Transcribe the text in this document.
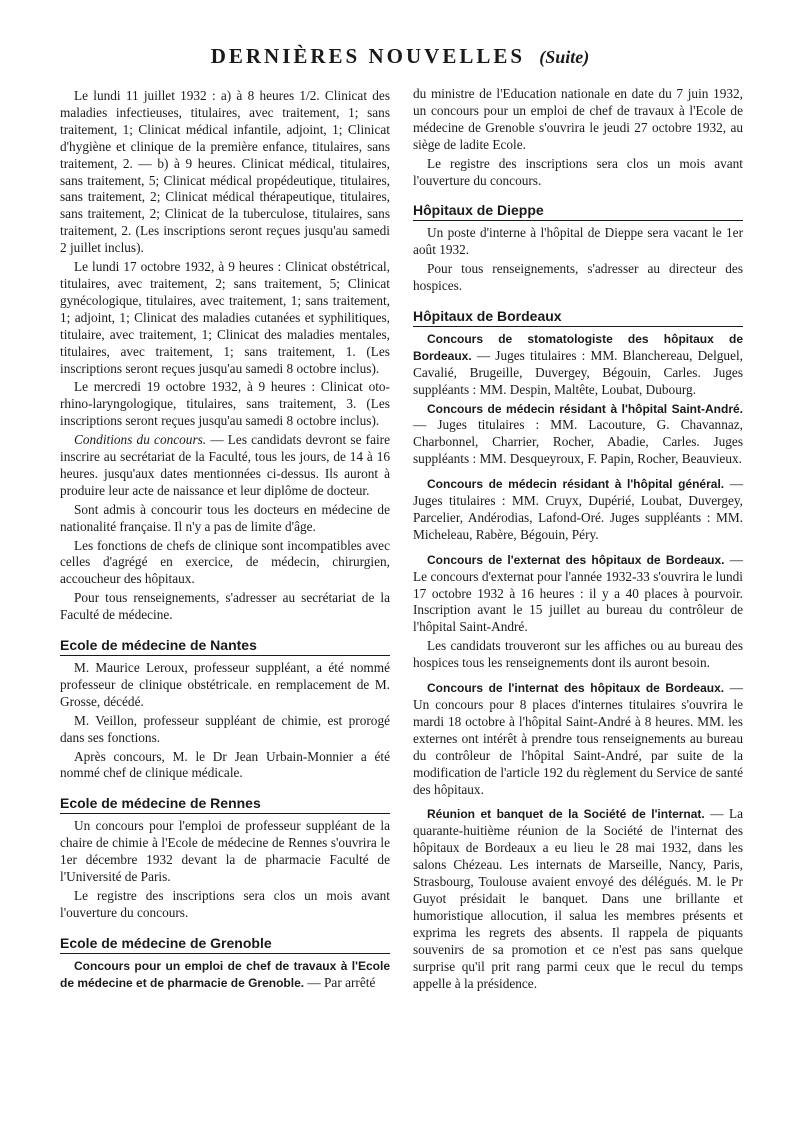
DERNIÈRES NOUVELLES (Suite)

Le lundi 11 juillet 1932 : a) à 8 heures 1/2. Clinicat des maladies infectieuses, titulaires, avec traitement, 1; sans traitement, 1; Clinicat médical infantile, adjoint, 1; Clinicat d'hygiène et clinique de la première enfance, titulaires, sans traitement, 2. — b) à 9 heures. Clinicat médical, titulaires, sans traitement, 5; Clinicat médical propédeutique, titulaires, sans traitement, 2; Clinicat médical thérapeutique, titulaires, sans traitement, 2; Clinicat de la tuberculose, titulaires, sans traitement, 2. (Les inscriptions seront reçues jusqu'au samedi 2 juillet inclus).

Le lundi 17 octobre 1932, à 9 heures : Clinicat obstétrical, titulaires, avec traitement, 2; sans traitement, 5; Clinicat gynécologique, titulaires, avec traitement, 1; sans traitement, 1; adjoint, 1; Clinicat des maladies cutanées et syphilitiques, titulaire, avec traitement, 1; Clinicat des maladies mentales, titulaires, avec traitement, 1; sans traitement, 1. (Les inscriptions seront reçues jusqu'au samedi 8 octobre inclus).

Le mercredi 19 octobre 1932, à 9 heures : Clinicat oto-rhino-laryngologique, titulaires, sans traitement, 3. (Les inscriptions seront reçues jusqu'au samedi 8 octobre inclus).

Conditions du concours. — Les candidats devront se faire inscrire au secrétariat de la Faculté, tous les jours, de 14 à 16 heures. jusqu'aux dates mentionnées ci-dessus. Ils auront à produire leur acte de naissance et leur diplôme de docteur.

Sont admis à concourir tous les docteurs en médecine de nationalité française. Il n'y a pas de limite d'âge.

Les fonctions de chefs de clinique sont incompatibles avec celles d'agrégé en exercice, de médecin, chirurgien, accoucheur des hôpitaux.

Pour tous renseignements, s'adresser au secrétariat de la Faculté de médecine.

Ecole de médecine de Nantes

M. Maurice Leroux, professeur suppléant, a été nommé professeur de clinique obstétricale. en remplacement de M. Grosse, décédé.

M. Veillon, professeur suppléant de chimie, est prorogé dans ses fonctions.

Après concours, M. le Dr Jean Urbain-Monnier a été nommé chef de clinique médicale.

Ecole de médecine de Rennes

Un concours pour l'emploi de professeur suppléant de la chaire de chimie à l'Ecole de médecine de Rennes s'ouvrira le 1er décembre 1932 devant la de pharmacie Faculté de l'Université de Paris.

Le registre des inscriptions sera clos un mois avant l'ouverture du concours.

Ecole de médecine de Grenoble

Concours pour un emploi de chef de travaux à l'Ecole de médecine et de pharmacie de Grenoble. — Par arrêté

du ministre de l'Education nationale en date du 7 juin 1932, un concours pour un emploi de chef de travaux à l'Ecole de médecine de Grenoble s'ouvrira le jeudi 27 octobre 1932, au siège de ladite Ecole.

Le registre des inscriptions sera clos un mois avant l'ouverture du concours.

Hôpitaux de Dieppe

Un poste d'interne à l'hôpital de Dieppe sera vacant le 1er août 1932.

Pour tous renseignements, s'adresser au directeur des hospices.

Hôpitaux de Bordeaux

Concours de stomatologiste des hôpitaux de Bordeaux. — Juges titulaires : MM. Blanchereau, Delguel, Cavalié, Brugeille, Duvergey, Bégouin, Carles. Juges suppléants : MM. Despin, Maltête, Loubat, Dubourg.

Concours de médecin résidant à l'hôpital Saint-André. — Juges titulaires : MM. Lacouture, G. Chavannaz, Charbonnel, Charrier, Rocher, Abadie, Carles. Juges suppléants : MM. Desqueyroux, F. Papin, Rocher, Beauvieux.

Concours de médecin résidant à l'hôpital général. — Juges titulaires : MM. Cruyx, Dupérié, Loubat, Duvergey, Parcelier, Andérodias, Lafond-Oré. Juges suppléants : MM. Micheleau, Rabère, Bégouin, Péry.

Concours de l'externat des hôpitaux de Bordeaux. — Le concours d'externat pour l'année 1932-33 s'ouvrira le lundi 17 octobre 1932 à 16 heures : il y a 40 places à pourvoir. Inscription avant le 15 juillet au bureau du contrôleur de l'hôpital Saint-André.

Les candidats trouveront sur les affiches ou au bureau des hospices tous les renseignements dont ils auront besoin.

Concours de l'internat des hôpitaux de Bordeaux. — Un concours pour 8 places d'internes titulaires s'ouvrira le mardi 18 octobre à l'hôpital Saint-André à 8 heures. MM. les externes ont intérêt à prendre tous renseignements au bureau du contrôleur de l'hôpital Saint-André, par suite de la modification de l'article 192 du règlement du Service de santé des hôpitaux.

Réunion et banquet de la Société de l'internat. — La quarante-huitième réunion de la Société de l'internat des hôpitaux de Bordeaux a eu lieu le 28 mai 1932, dans les salons Chézeau. Les internats de Marseille, Nancy, Paris, Strasbourg, Toulouse avaient envoyé des délégués. M. le Pr Guyot présidait le banquet. Dans une brillante et humoristique allocution, il salua les membres présents et exprima les regrets des absents. Il rappela de piquants souvenirs de sa promotion et ce n'est pas sans quelque surprise qu'il prit rang parmi ceux que le recul du temps appelle à la présidence.
